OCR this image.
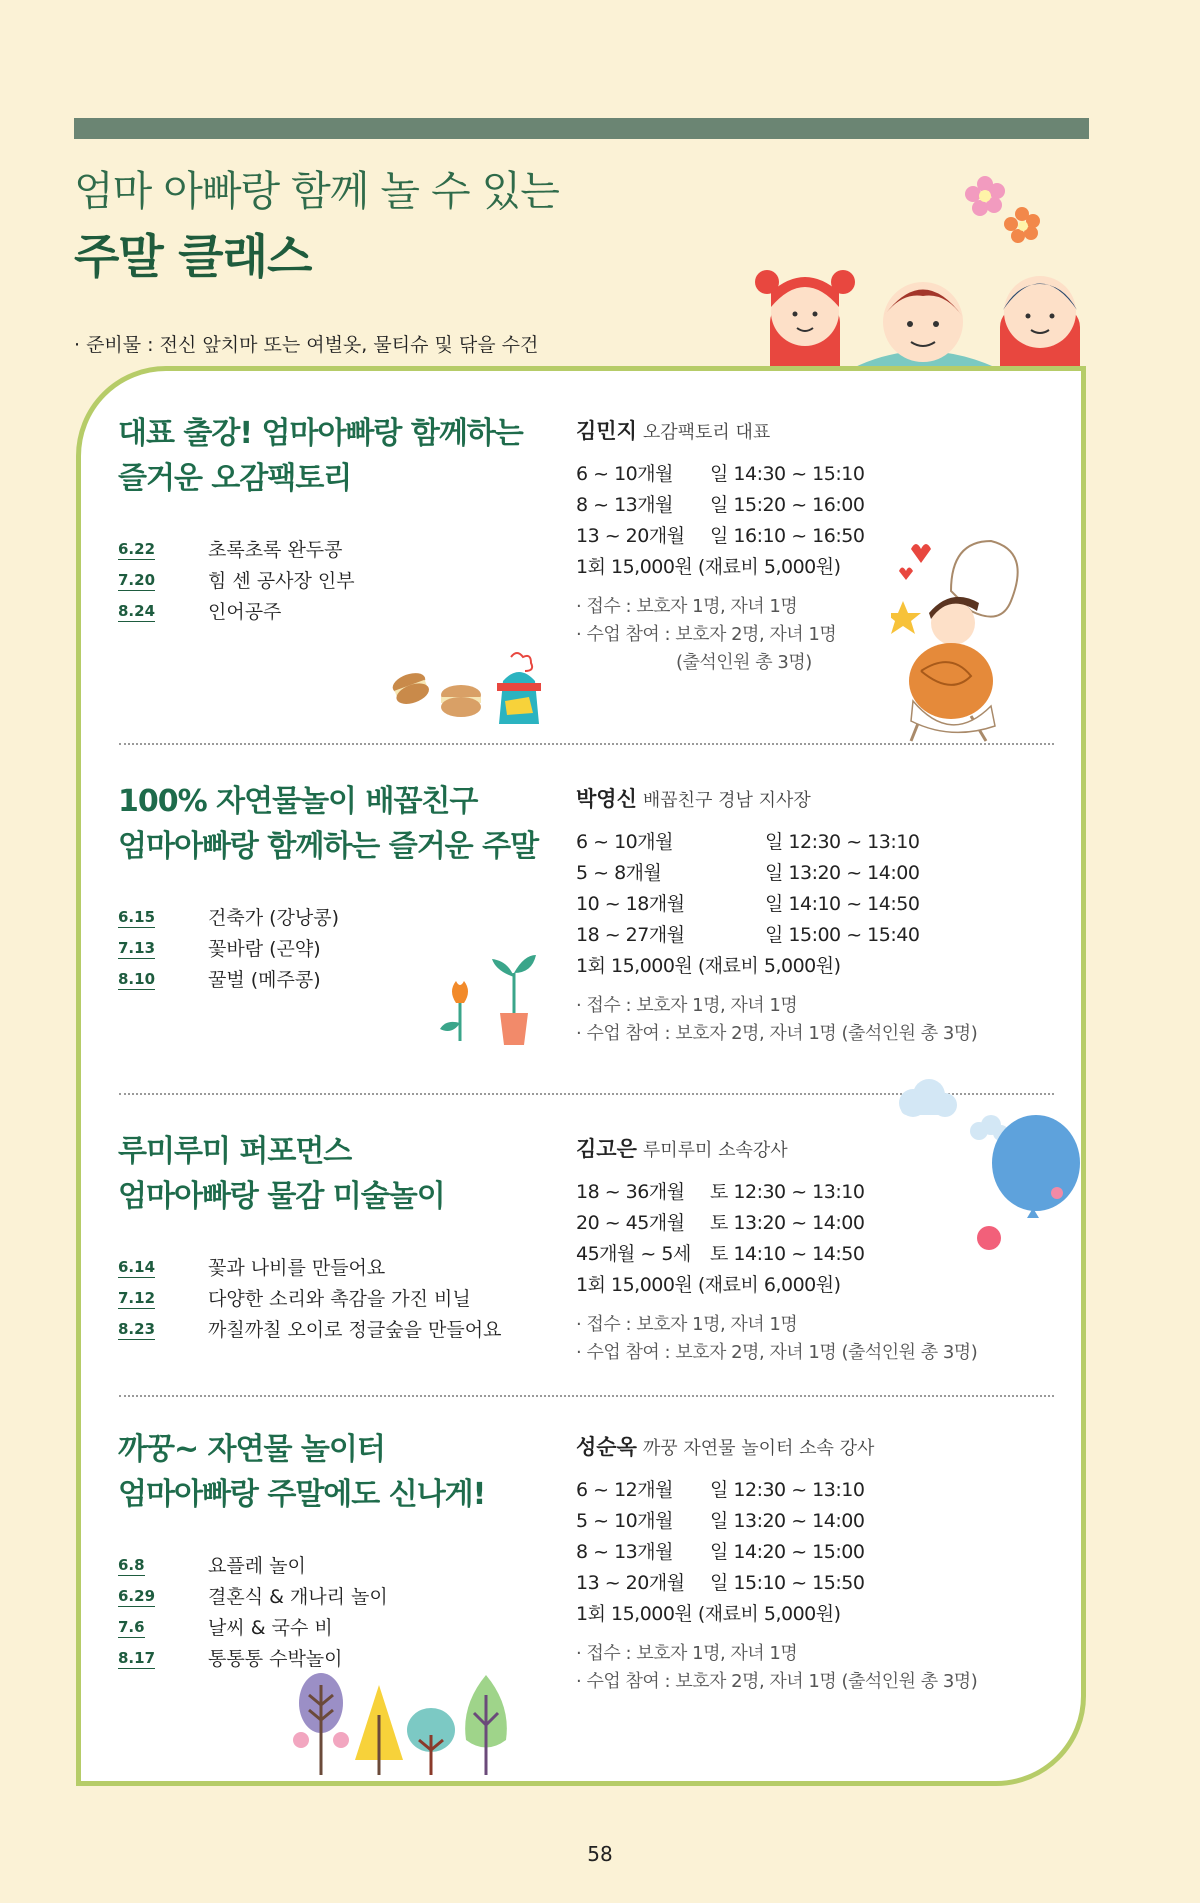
엄마 아빠랑 함께 놀 수 있는
주말 클래스
· 준비물 : 전신 앞치마 또는 여벌옷, 물티슈 및 닦을 수건
대표 출강! 엄마아빠랑 함께하는
즐거운 오감팩토리
6.22	초록초록 완두콩
7.20	힘 센 공사장 인부
8.24	인어공주
김민지 오감팩토리 대표
6 ~ 10개월	일 14:30 ~ 15:10
8 ~ 13개월	일 15:20 ~ 16:00
13 ~ 20개월	일 16:10 ~ 16:50
1회 15,000원 (재료비 5,000원)
· 접수 : 보호자 1명, 자녀 1명
· 수업 참여 : 보호자 2명, 자녀 1명
(출석인원 총 3명)
100% 자연물놀이 배꼽친구
엄마아빠랑 함께하는 즐거운 주말
6.15	건축가 (강낭콩)
7.13	꽃바람 (곤약)
8.10	꿀벌 (메주콩)
박영신 배꼽친구 경남 지사장
6 ~ 10개월	일 12:30 ~ 13:10
5 ~ 8개월	일 13:20 ~ 14:00
10 ~ 18개월	일 14:10 ~ 14:50
18 ~ 27개월	일 15:00 ~ 15:40
1회 15,000원 (재료비 5,000원)
· 접수 : 보호자 1명, 자녀 1명
· 수업 참여 : 보호자 2명, 자녀 1명 (출석인원 총 3명)
루미루미 퍼포먼스
엄마아빠랑 물감 미술놀이
6.14	꽃과 나비를 만들어요
7.12	다양한 소리와 촉감을 가진 비닐
8.23	까칠까칠 오이로 정글숲을 만들어요
김고은 루미루미 소속강사
18 ~ 36개월	토 12:30 ~ 13:10
20 ~ 45개월	토 13:20 ~ 14:00
45개월 ~ 5세	토 14:10 ~ 14:50
1회 15,000원 (재료비 6,000원)
· 접수 : 보호자 1명, 자녀 1명
· 수업 참여 : 보호자 2명, 자녀 1명 (출석인원 총 3명)
까꿍~ 자연물 놀이터
엄마아빠랑 주말에도 신나게!
6.8	요플레 놀이
6.29	결혼식 & 개나리 놀이
7.6	날씨 & 국수 비
8.17	통통통 수박놀이
성순옥 까꿍 자연물 놀이터 소속 강사
6 ~ 12개월	일 12:30 ~ 13:10
5 ~ 10개월	일 13:20 ~ 14:00
8 ~ 13개월	일 14:20 ~ 15:00
13 ~ 20개월	일 15:10 ~ 15:50
1회 15,000원 (재료비 5,000원)
· 접수 : 보호자 1명, 자녀 1명
· 수업 참여 : 보호자 2명, 자녀 1명 (출석인원 총 3명)
58
